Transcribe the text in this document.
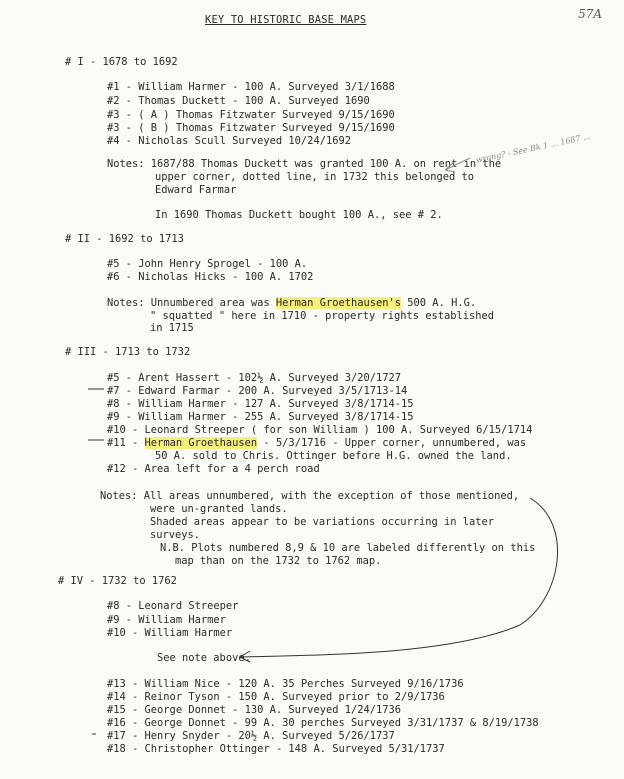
57A
KEY TO HISTORIC BASE MAPS
# I - 1678 to 1692
#1 - William Harmer - 100 A. Surveyed 3/1/1688
#2 - Thomas Duckett - 100 A. Surveyed 1690
#3 - ( A ) Thomas Fitzwater Surveyed 9/15/1690
#3 - ( B ) Thomas Fitzwater Surveyed 9/15/1690
#4 - Nicholas Scull Surveyed 10/24/1692
Notes: 1687/88 Thomas Duckett was granted 100 A. on rent in the
upper corner, dotted line, in 1732 this belonged to
Edward Farmar
In 1690 Thomas Duckett bought 100 A., see # 2.
wrong? - See Bk 1 ... 1687 ...
# II - 1692 to 1713
#5 - John Henry Sprogel - 100 A.
#6 - Nicholas Hicks - 100 A. 1702
Notes: Unnumbered area was Herman Groethausen's 500 A. H.G.
" squatted " here in 1710 - property rights established
in 1715
# III - 1713 to 1732
#5 - Arent Hassert - 102½ A. Surveyed 3/20/1727
#7 - Edward Farmar - 200 A. Surveyed 3/5/1713-14
#8 - William Harmer - 127 A. Surveyed 3/8/1714-15
#9 - William Harmer - 255 A. Surveyed 3/8/1714-15
#10 - Leonard Streeper ( for son William ) 100 A. Surveyed 6/15/1714
#11 - Herman Groethausen - 5/3/1716 - Upper corner, unnumbered, was
50 A. sold to Chris. Ottinger before H.G. owned the land.
#12 - Area left for a 4 perch road
Notes: All areas unnumbered, with the exception of those mentioned,
were un-granted lands.
Shaded areas appear to be variations occurring in later
surveys.
N.B. Plots numbered 8,9 & 10 are labeled differently on this
map than on the 1732 to 1762 map.
# IV - 1732 to 1762
#8 - Leonard Streeper
#9 - William Harmer
#10 - William Harmer
See note above.
#13 - William Nice - 120 A. 35 Perches Surveyed 9/16/1736
#14 - Reinor Tyson - 150 A. Surveyed prior to 2/9/1736
#15 - George Donnet - 130 A. Surveyed 1/24/1736
#16 - George Donnet - 99 A. 30 perches Surveyed 3/31/1737 & 8/19/1738
#17 - Henry Snyder - 20½ A. Surveyed 5/26/1737
#18 - Christopher Ottinger - 148 A. Surveyed 5/31/1737
